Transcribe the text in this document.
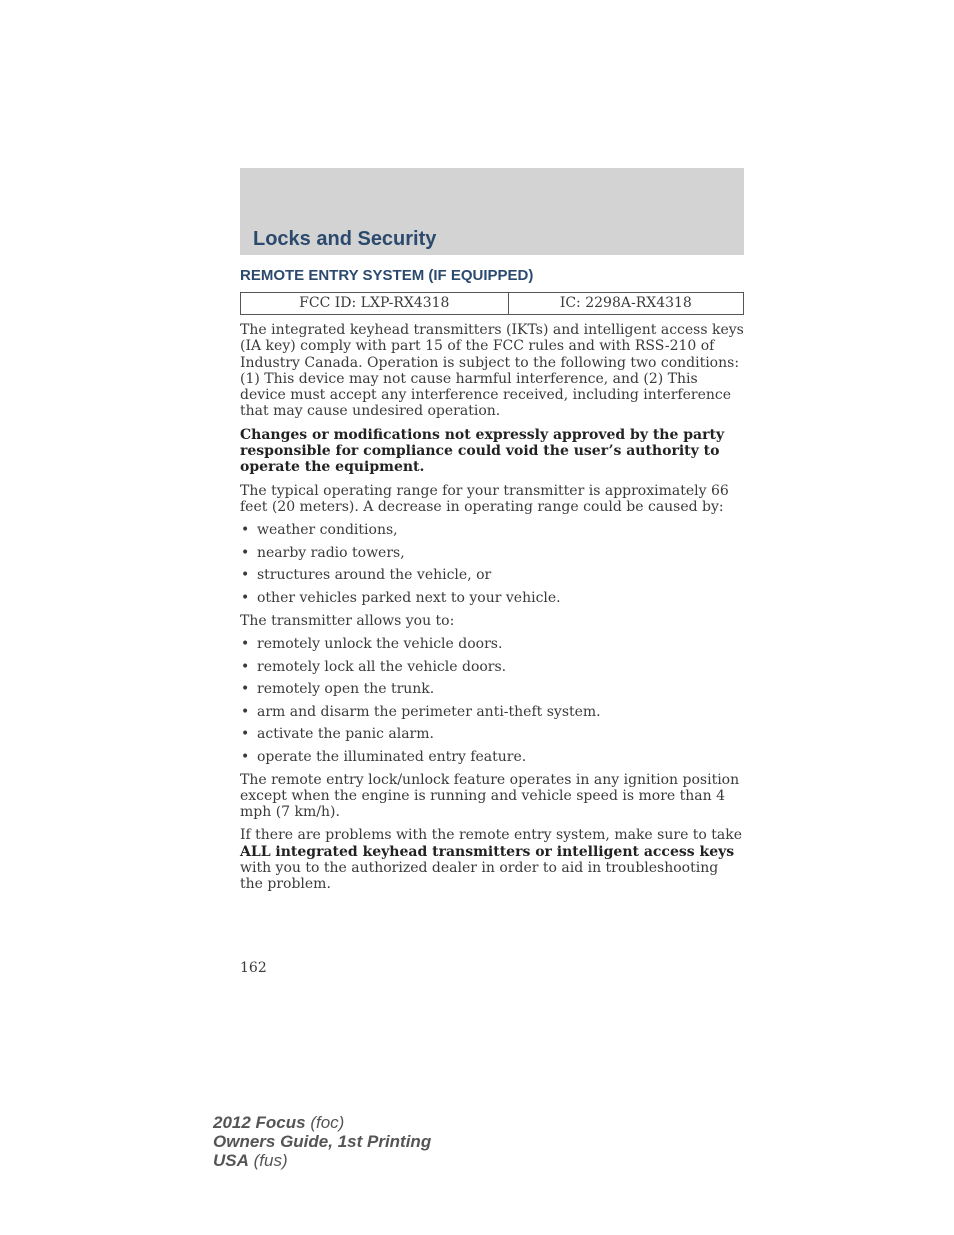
Locks and Security
REMOTE ENTRY SYSTEM (IF EQUIPPED)
FCC ID: LXP-RX4318	IC: 2298A-RX4318

The integrated keyhead transmitters (IKTs) and intelligent access keys (IA key) comply with part 15 of the FCC rules and with RSS-210 of Industry Canada. Operation is subject to the following two conditions: (1) This device may not cause harmful interference, and (2) This device must accept any interference received, including interference that may cause undesired operation.

Changes or modifications not expressly approved by the party responsible for compliance could void the user’s authority to operate the equipment.

The typical operating range for your transmitter is approximately 66 feet (20 meters). A decrease in operating range could be caused by:

• weather conditions,
• nearby radio towers,
• structures around the vehicle, or
• other vehicles parked next to your vehicle.

The transmitter allows you to:

• remotely unlock the vehicle doors.
• remotely lock all the vehicle doors.
• remotely open the trunk.
• arm and disarm the perimeter anti-theft system.
• activate the panic alarm.
• operate the illuminated entry feature.

The remote entry lock/unlock feature operates in any ignition position except when the engine is running and vehicle speed is more than 4 mph (7 km/h).

If there are problems with the remote entry system, make sure to take ALL integrated keyhead transmitters or intelligent access keys with you to the authorized dealer in order to aid in troubleshooting the problem.

162
2012 Focus (foc)
Owners Guide, 1st Printing
USA (fus)
